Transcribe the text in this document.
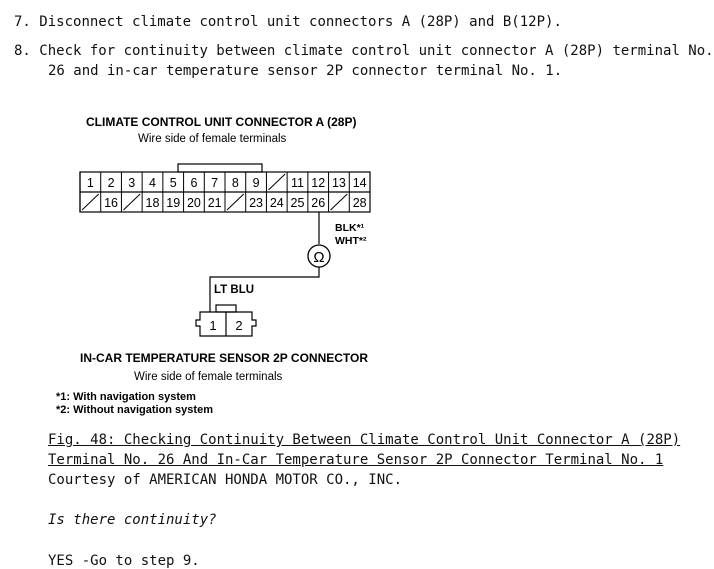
7. Disconnect climate control unit connectors A (28P) and B(12P).
8. Check for continuity between climate control unit connector A (28P) terminal No.
26 and in-car temperature sensor 2P connector terminal No. 1.
CLIMATE CONTROL UNIT CONNECTOR A (28P)
Wire side of female terminals
1 2 3 4 5 6 7 8 9	11 12 13 14
16 18 19 20 21 23 24 25 26 28
BLK*¹
WHT*²
Ω
LT BLU
1 2
IN-CAR TEMPERATURE SENSOR 2P CONNECTOR
Wire side of female terminals
*1: With navigation system
*2: Without navigation system
Fig. 48: Checking Continuity Between Climate Control Unit Connector A (28P)
Terminal No. 26 And In-Car Temperature Sensor 2P Connector Terminal No. 1
Courtesy of AMERICAN HONDA MOTOR CO., INC.
Is there continuity?
YES -Go to step 9.
